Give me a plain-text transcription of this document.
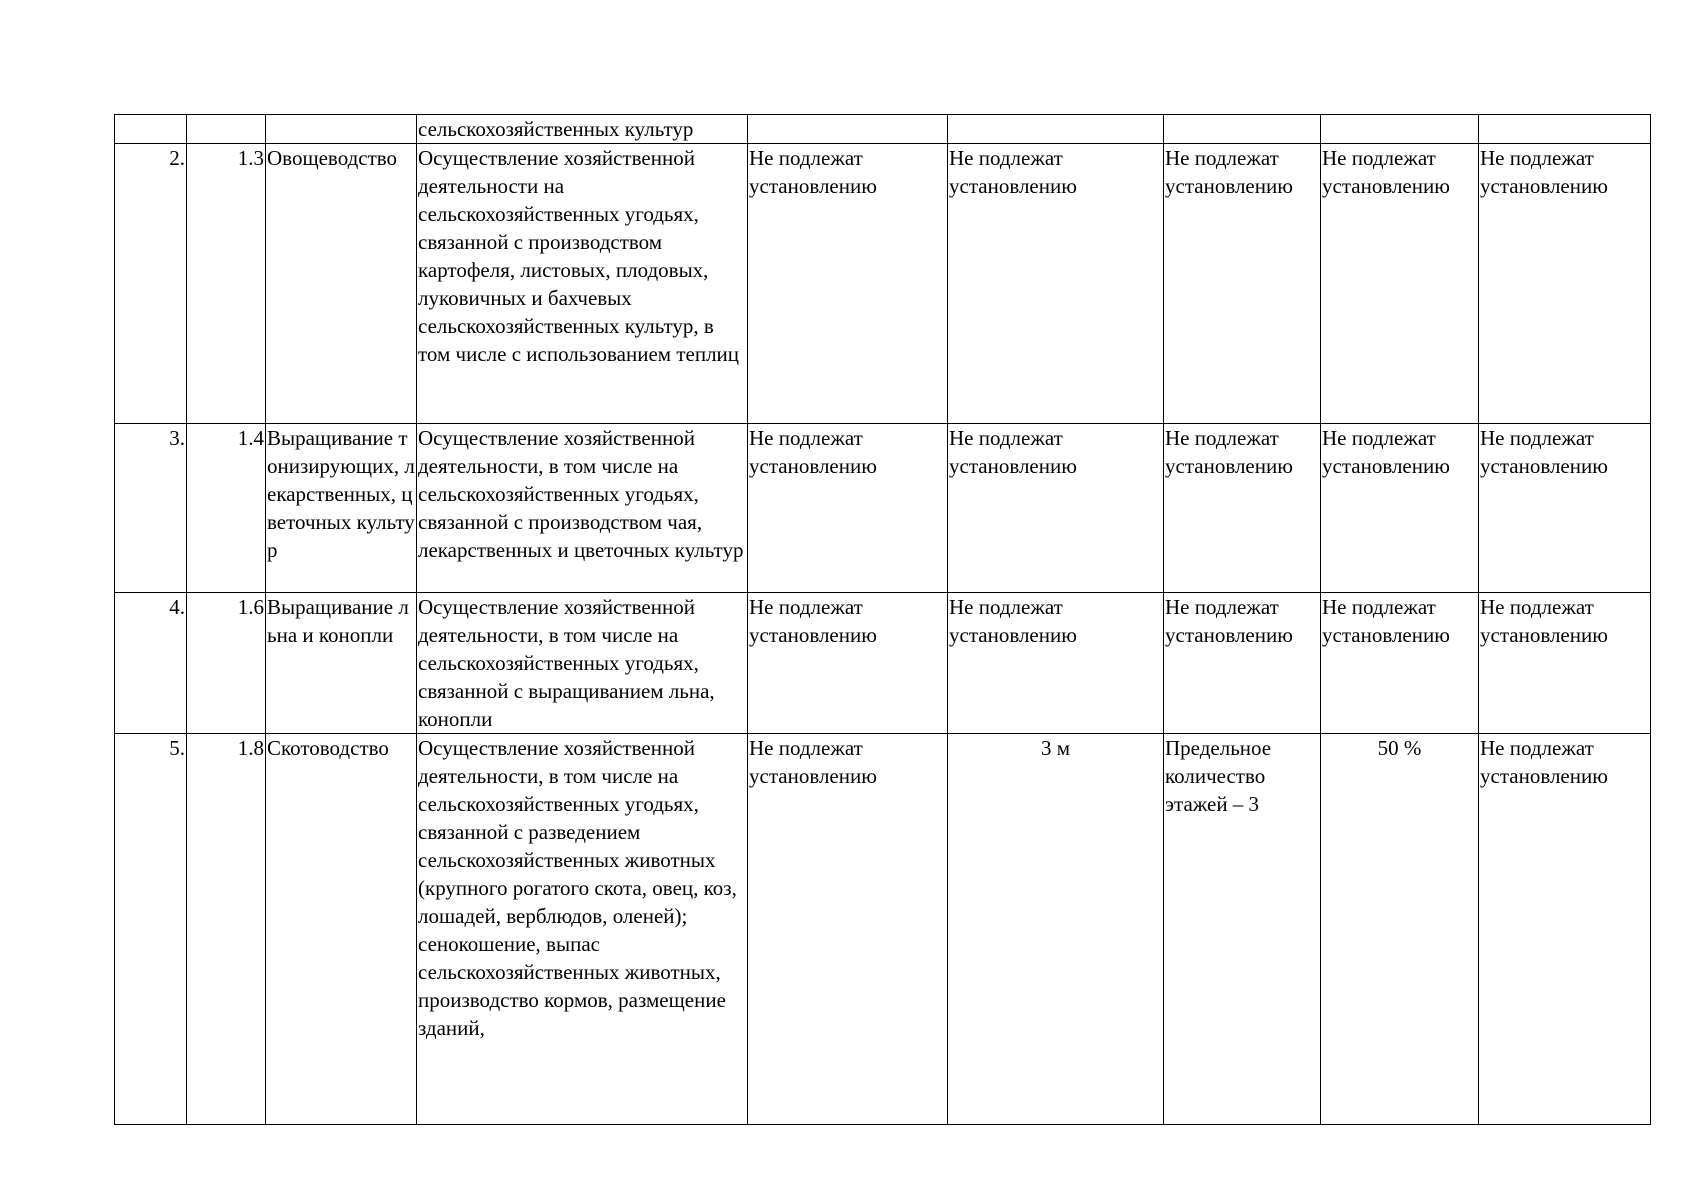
			сельскохозяйственных культур					
2.	1.3	Овощеводство	Осуществление хозяйственной деятельности на сельскохозяйственных угодьях, связанной с производством картофеля, листовых, плодовых, луковичных и бахчевых сельскохозяйственных культур, в том числе с использованием теплиц	Не подлежат установлению	Не подлежат установлению	Не подлежат установлению	Не подлежат установлению	Не подлежат установлению
3.	1.4	Выращивание тонизирующих, лекарственных, цветочных культур	Осуществление хозяйственной деятельности, в том числе на сельскохозяйственных угодьях, связанной с производством чая, лекарственных и цветочных культур	Не подлежат установлению	Не подлежат установлению	Не подлежат установлению	Не подлежат установлению	Не подлежат установлению
4.	1.6	Выращивание льна и конопли	Осуществление хозяйственной деятельности, в том числе на сельскохозяйственных угодьях, связанной с выращиванием льна, конопли	Не подлежат установлению	Не подлежат установлению	Не подлежат установлению	Не подлежат установлению	Не подлежат установлению
5.	1.8	Скотоводство	Осуществление хозяйственной деятельности, в том числе на сельскохозяйственных угодьях, связанной с разведением сельскохозяйственных животных (крупного рогатого скота, овец, коз, лошадей, верблюдов, оленей); сенокошение, выпас сельскохозяйственных животных, производство кормов, размещение зданий,	Не подлежат установлению	3 м	Предельное количество этажей – 3	50 %	Не подлежат установлению
